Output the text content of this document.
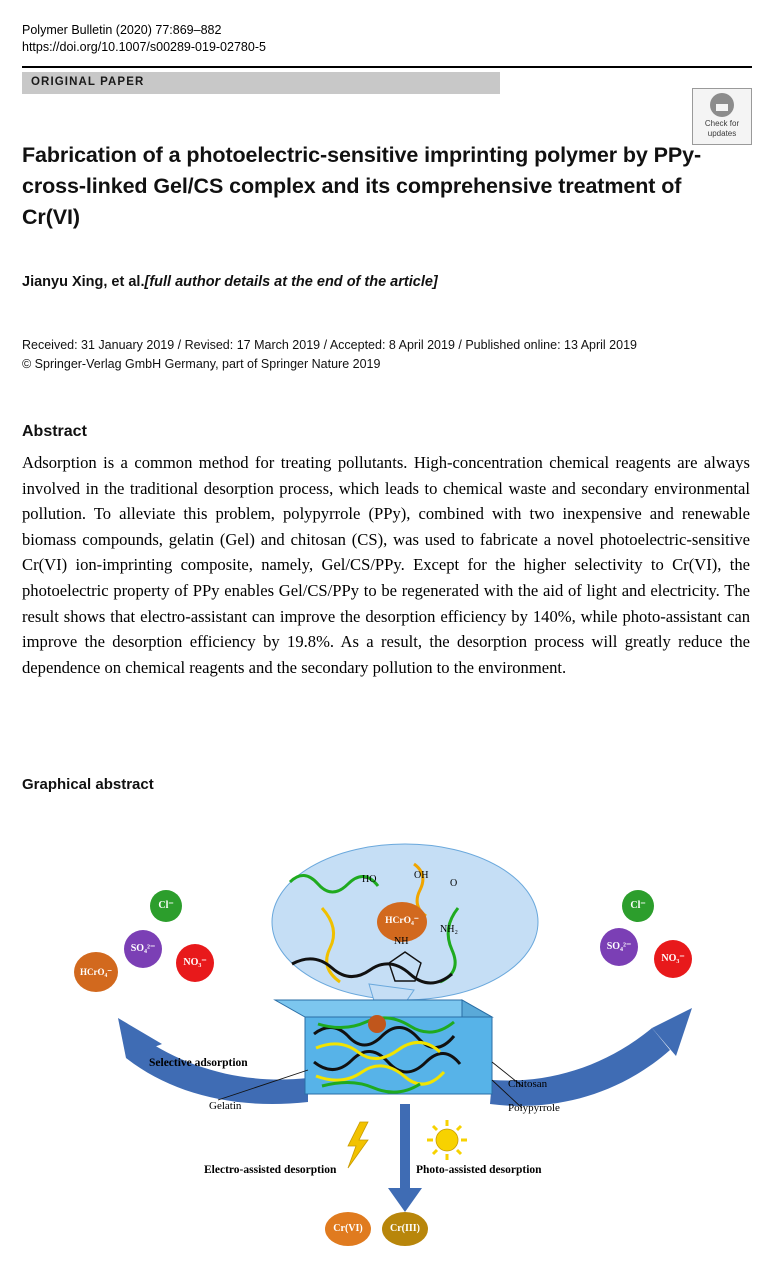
Polymer Bulletin (2020) 77:869–882
https://doi.org/10.1007/s00289-019-02780-5
ORIGINAL PAPER
Check for
updates
Fabrication of a photoelectric-sensitive imprinting polymer by PPy-cross-linked Gel/CS complex and its comprehensive treatment of Cr(VI)
Jianyu Xing, et al.[full author details at the end of the article]
Received: 31 January 2019 / Revised: 17 March 2019 / Accepted: 8 April 2019 / Published online: 13 April 2019
© Springer-Verlag GmbH Germany, part of Springer Nature 2019
Abstract
Adsorption is a common method for treating pollutants. High-concentration chemical reagents are always involved in the traditional desorption process, which leads to chemical waste and secondary environmental pollution. To alleviate this problem, polypyrrole (PPy), combined with two inexpensive and renewable biomass compounds, gelatin (Gel) and chitosan (CS), was used to fabricate a novel photoelectric-sensitive Cr(VI) ion-imprinting composite, namely, Gel/CS/PPy. Except for the higher selectivity to Cr(VI), the photoelectric property of PPy enables Gel/CS/PPy to be regenerated with the aid of light and electricity. The result shows that electro-assistant can improve the desorption efficiency by 140%, while photo-assistant can improve the desorption efficiency by 19.8%. As a result, the desorption process will greatly reduce the dependence on chemical reagents and the secondary pollution to the environment.
Graphical abstract
Cl⁻
SO₄²⁻
NO₃⁻
HCrO₄⁻
Cl⁻
SO₄²⁻
NO₃⁻
HCrO₄⁻
HO	OH
O
NH₂
NH
Selective adsorption
Gelatin
Chitosan
Polypyrrole
Electro-assisted desorption	Photo-assisted desorption
Cr(VI)	Cr(III)
